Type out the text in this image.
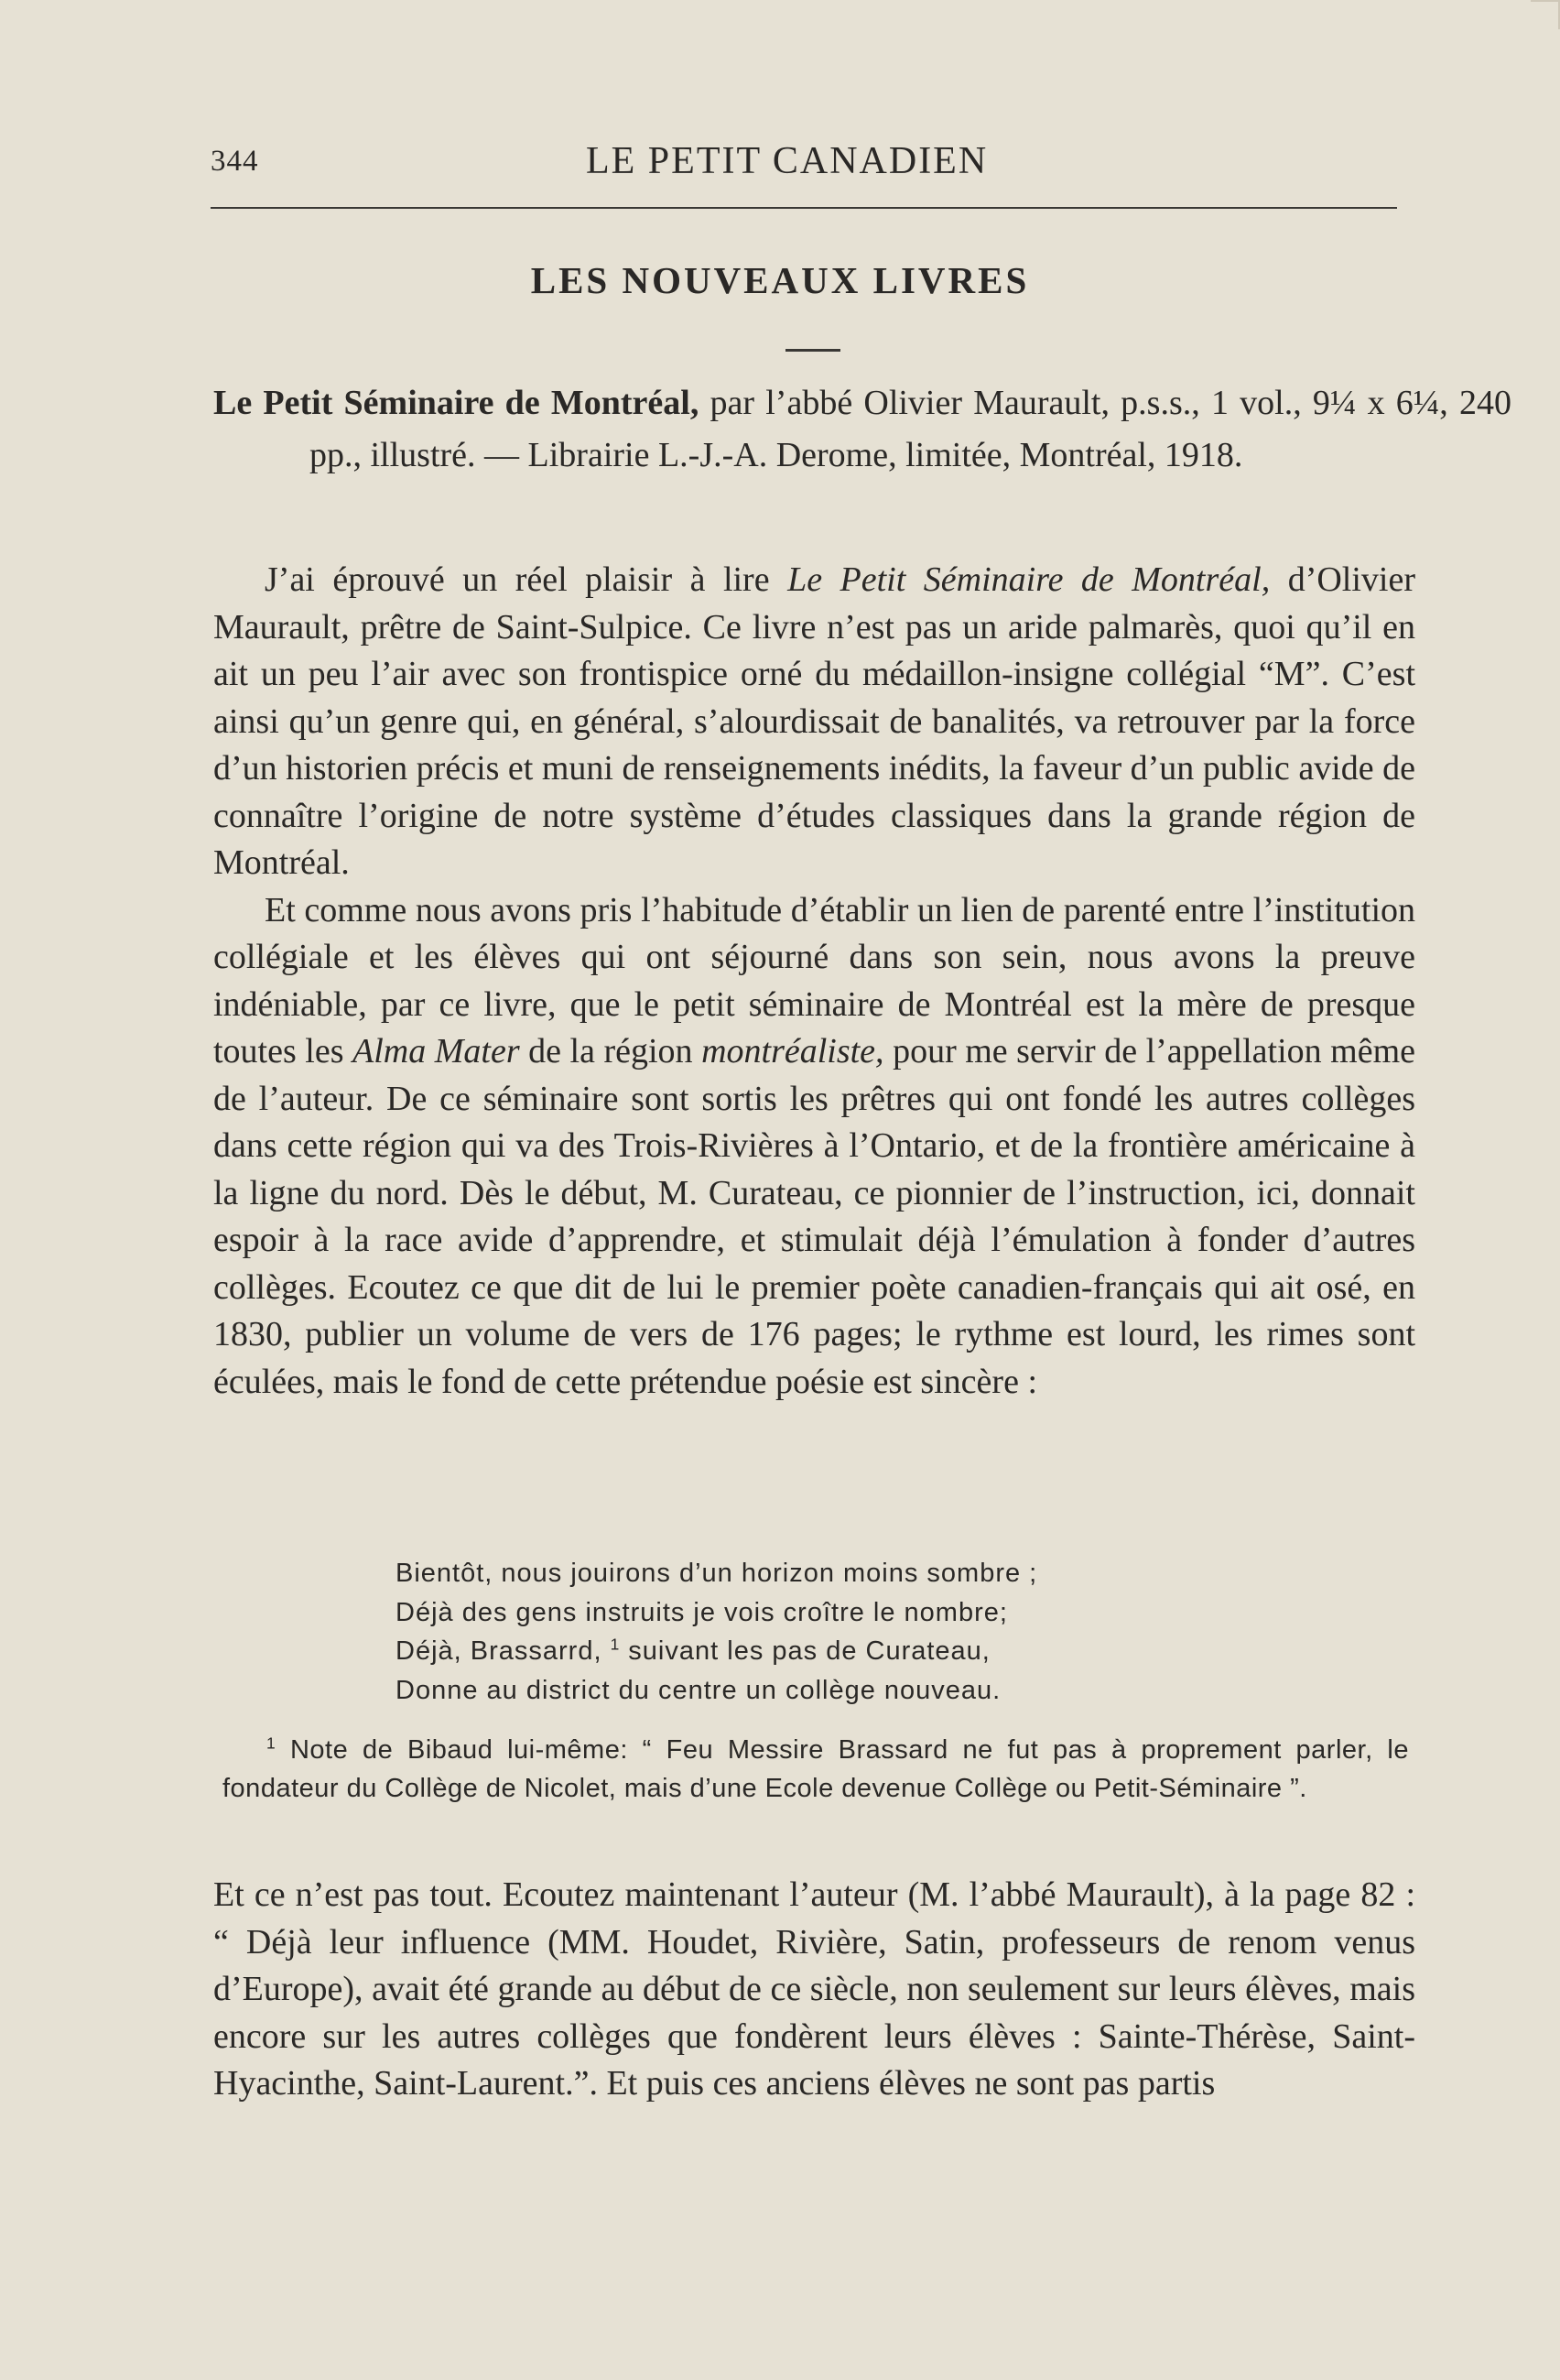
344	LE PETIT CANADIEN
LES NOUVEAUX LIVRES
Le Petit Séminaire de Montréal, par l’abbé Olivier Maurault, p.s.s., 1 vol., 9¼ x 6¼, 240 pp., illustré. — Librairie L.-J.-A. Derome, limitée, Montréal, 1918.

J’ai éprouvé un réel plaisir à lire Le Petit Séminaire de Montréal, d’Olivier Maurault, prêtre de Saint-Sulpice. Ce livre n’est pas un aride palmarès, quoi qu’il en ait un peu l’air avec son frontispice orné du médaillon-insigne collégial “M”. C’est ainsi qu’un genre qui, en général, s’alourdissait de banalités, va retrouver par la force d’un historien précis et muni de renseignements inédits, la faveur d’un public avide de connaître l’origine de notre système d’études classiques dans la grande région de Montréal.

Et comme nous avons pris l’habitude d’établir un lien de parenté entre l’institution collégiale et les élèves qui ont séjourné dans son sein, nous avons la preuve indéniable, par ce livre, que le petit séminaire de Montréal est la mère de presque toutes les Alma Mater de la région montréaliste, pour me servir de l’appellation même de l’auteur. De ce séminaire sont sortis les prêtres qui ont fondé les autres collèges dans cette région qui va des Trois-Rivières à l’Ontario, et de la frontière américaine à la ligne du nord. Dès le début, M. Curateau, ce pionnier de l’instruction, ici, donnait espoir à la race avide d’apprendre, et stimulait déjà l’émulation à fonder d’autres collèges. Ecoutez ce que dit de lui le premier poète canadien-français qui ait osé, en 1830, publier un volume de vers de 176 pages; le rythme est lourd, les rimes sont éculées, mais le fond de cette prétendue poésie est sincère :

Bientôt, nous jouirons d’un horizon moins sombre ;
Déjà des gens instruits je vois croître le nombre;
Déjà, Brassarrd, $^1$ suivant les pas de Curateau,
Donne au district du centre un collège nouveau.
$^1$ Note de Bibaud lui-même: “ Feu Messire Brassard ne fut pas à proprement parler, le fondateur du Collège de Nicolet, mais d’une Ecole devenue Collège ou Petit-Séminaire ”.

Et ce n’est pas tout. Ecoutez maintenant l’auteur (M. l’abbé Maurault), à la page 82 : “ Déjà leur influence (MM. Houdet, Rivière, Satin, professeurs de renom venus d’Europe), avait été grande au début de ce siècle, non seulement sur leurs élèves, mais encore sur les autres collèges que fondèrent leurs élèves : Sainte-Thérèse, Saint-Hyacinthe, Saint-Laurent.”. Et puis ces anciens élèves ne sont pas partis
